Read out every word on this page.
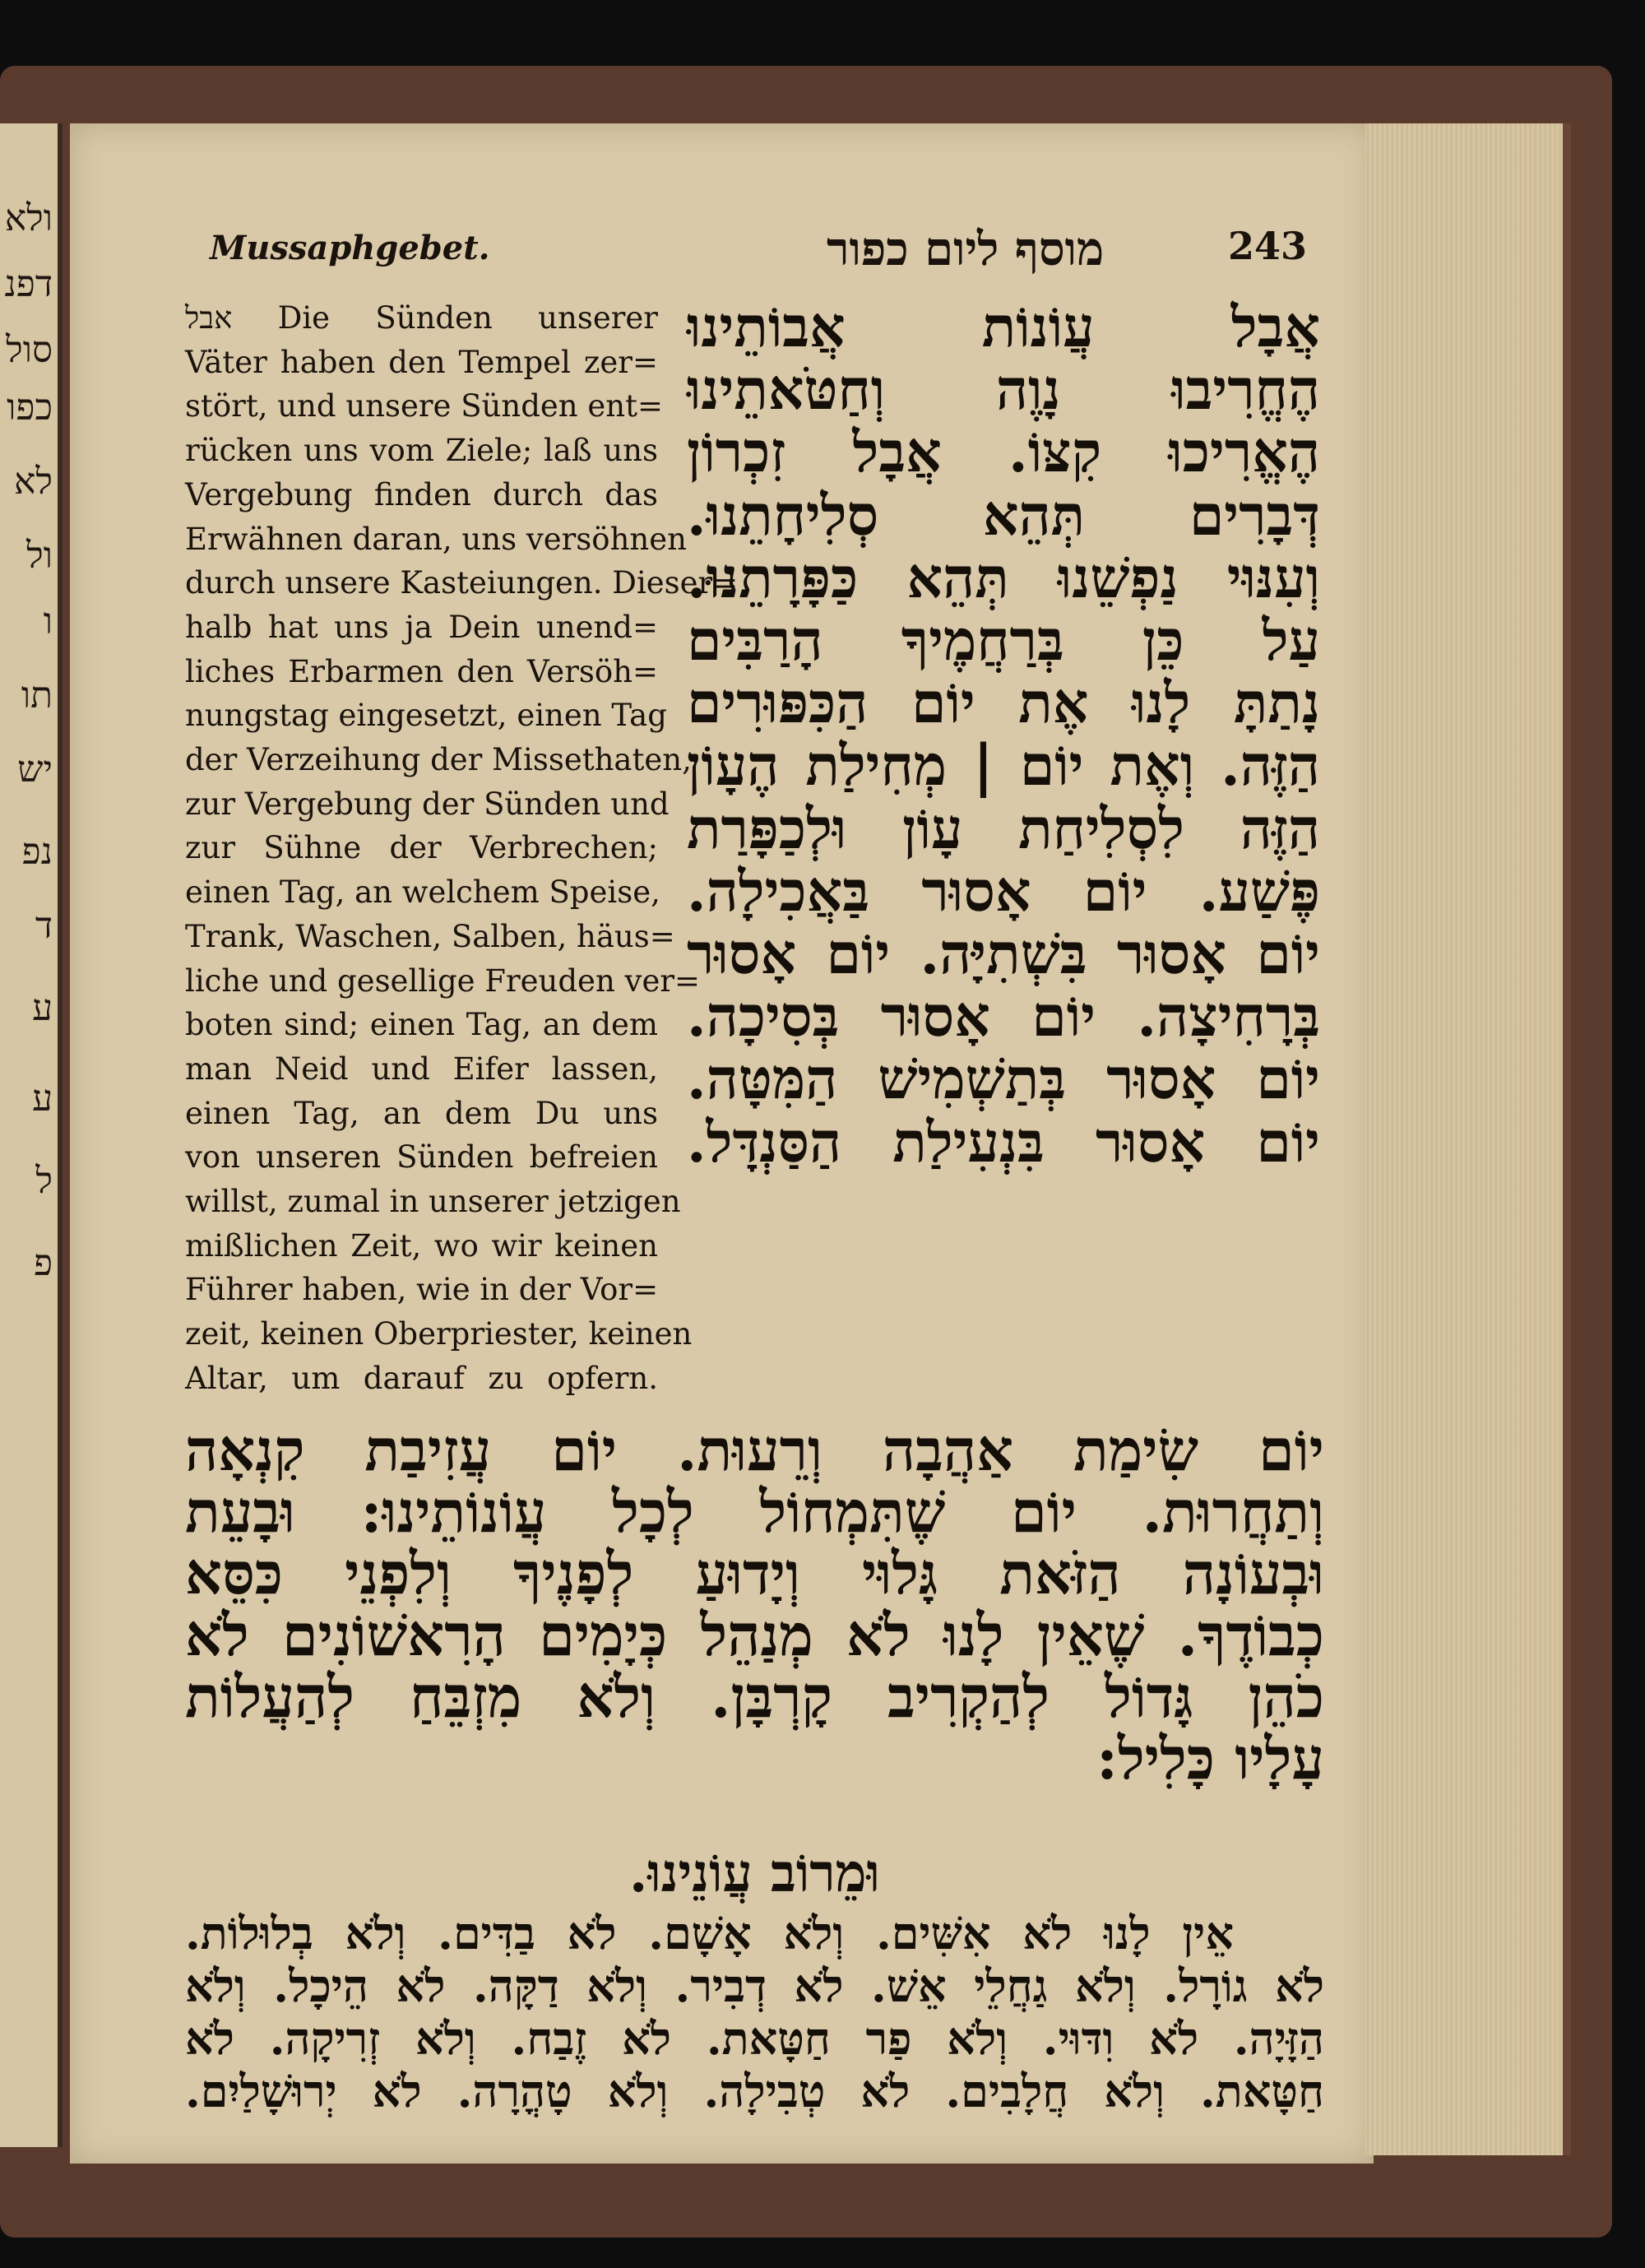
ולא
דפנ
סול
כפו
לא
ול
ו
תו
יש
נפ
ד
ע
ע
ל
פ
Mussaphgebet.	מוסף ליום כפור	243
אבל Die Sünden unserer
Väter haben den Tempel zer=
stört, und unsere Sünden ent=
rücken uns vom Ziele; laß uns
Vergebung finden durch das
Erwähnen daran, uns versöhnen
durch unsere Kasteiungen. Dieser=
halb hat uns ja Dein unend=
liches Erbarmen den Versöh=
nungstag eingesetzt, einen Tag
der Verzeihung der Missethaten,
zur Vergebung der Sünden und
zur Sühne der Verbrechen;
einen Tag, an welchem Speise,
Trank, Waschen, Salben, häus=
liche und gesellige Freuden ver=
boten sind; einen Tag, an dem
man Neid und Eifer lassen,
einen Tag, an dem Du uns
von unseren Sünden befreien
willst, zumal in unserer jetzigen
mißlichen Zeit, wo wir keinen
Führer haben, wie in der Vor=
zeit, keinen Oberpriester, keinen
Altar, um darauf zu opfern.
אֲבָל עֲוֹנוֹת אֲבוֹתֵינוּ
הֶחֱרִיבוּ נָוֶה וְחַטֹּאתֵינוּ
הֶאֱרִיכוּ קִצּוֹ. אֲבָל זִכְרוֹן
דְּבָרִים תְּהֵא סְלִיחָתֵנוּ.
וְעִנּוּי נַפְשֵׁנוּ תְּהֵא כַּפָּרָתֵנוּ.
עַל כֵּן בְּרַחֲמֶיךָ הָרַבִּים
נָתַתָּ לָנוּ אֶת יוֹם הַכִּפּוּרִים
הַזֶּה. וְאֶת יוֹם | מְחִילַת הֶעָוֹן
הַזֶּה לִסְלִיחַת עָוֹן וּלְכַפָּרַת
פֶּשַׁע. יוֹם אָסוּר בַּאֲכִילָה.
יוֹם אָסוּר בִּשְׁתִיָּה. יוֹם אָסוּר
בְּרָחִיצָה. יוֹם אָסוּר בְּסִיכָה.
יוֹם אָסוּר בְּתַשְׁמִישׁ הַמִּטָּה.
יוֹם אָסוּר בִּנְעִילַת הַסַּנְדָּל.
יוֹם שִׂימַת אַהֲבָה וְרֵעוּת. יוֹם עֲזִיבַת קִנְאָה
וְתַחֲרוּת. יוֹם שֶׁתִּמְחוֹל לְכָל עֲוֹנוֹתֵינוּ: וּבָעֵת
וּבְעוֹנָה הַזֹּאת גָּלוּי וְיָדוּעַ לְפָנֶיךָ וְלִפְנֵי כִּסֵּא
כְבוֹדֶךָ. שֶׁאֵין לָנוּ לֹא מְנַהֵל כְּיָמִים הָרִאשׁוֹנִים לֹא
כֹהֵן גָּדוֹל לְהַקְרִיב קָרְבָּן. וְלֹא מִזְבֵּחַ לְהַעֲלוֹת
עָלָיו כָּלִיל:
וּמֵרוֹב עֲוֹנֵינוּ.
אֵין לָנוּ לֹא אִשִּׁים. וְלֹא אָשָׁם. לֹא בַדִּים. וְלֹא בְלוּלוֹת.
לֹא גוֹרָל. וְלֹא גַחֲלֵי אֵשׁ. לֹא דְבִיר. וְלֹא דַקָּה. לֹא הֵיכָל. וְלֹא
הַזָּיָה. לֹא וִדּוּי. וְלֹא פַר חַטָּאת. לֹא זֶבַח. וְלֹא זְרִיקָה. לֹא
חַטָּאת. וְלֹא חֲלָבִים. לֹא טְבִילָה. וְלֹא טָהֳרָה. לֹא יְרוּשָׁלַיִם.
